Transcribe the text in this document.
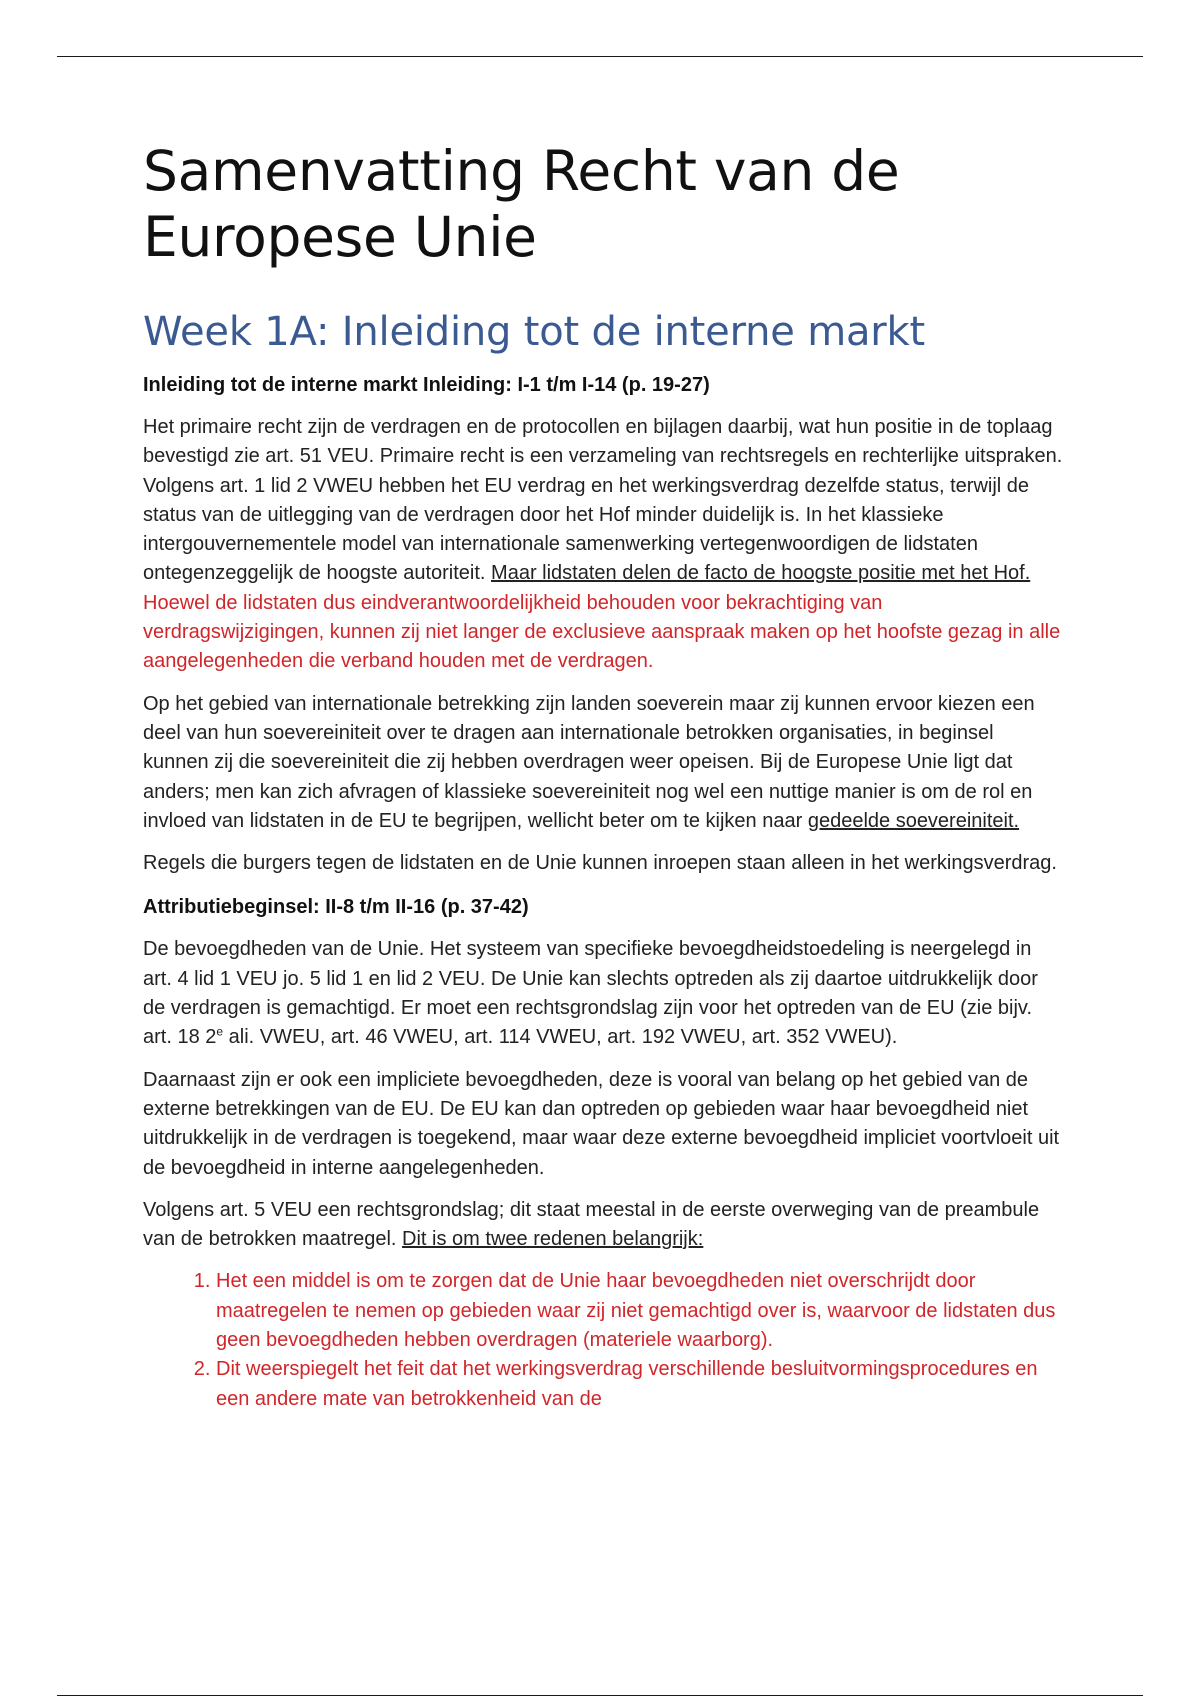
Samenvatting Recht van de Europese Unie
Week 1A: Inleiding tot de interne markt
Inleiding tot de interne markt Inleiding: I-1 t/m I-14 (p. 19-27)

Het primaire recht zijn de verdragen en de protocollen en bijlagen daarbij, wat hun positie in de toplaag bevestigd zie art. 51 VEU. Primaire recht is een verzameling van rechtsregels en rechterlijke uitspraken. Volgens art. 1 lid 2 VWEU hebben het EU verdrag en het werkingsverdrag dezelfde status, terwijl de status van de uitlegging van de verdragen door het Hof minder duidelijk is. In het klassieke intergouvernementele model van internationale samenwerking vertegenwoordigen de lidstaten ontegenzeggelijk de hoogste autoriteit. Maar lidstaten delen de facto de hoogste positie met het Hof. Hoewel de lidstaten dus eindverantwoordelijkheid behouden voor bekrachtiging van verdragswijzigingen, kunnen zij niet langer de exclusieve aanspraak maken op het hoofste gezag in alle aangelegenheden die verband houden met de verdragen.

Op het gebied van internationale betrekking zijn landen soeverein maar zij kunnen ervoor kiezen een deel van hun soevereiniteit over te dragen aan internationale betrokken organisaties, in beginsel kunnen zij die soevereiniteit die zij hebben overdragen weer opeisen. Bij de Europese Unie ligt dat anders; men kan zich afvragen of klassieke soevereiniteit nog wel een nuttige manier is om de rol en invloed van lidstaten in de EU te begrijpen, wellicht beter om te kijken naar gedeelde soevereiniteit.

Regels die burgers tegen de lidstaten en de Unie kunnen inroepen staan alleen in het werkingsverdrag.

Attributiebeginsel: II-8 t/m II-16 (p. 37-42)

De bevoegdheden van de Unie. Het systeem van specifieke bevoegdheidstoedeling is neergelegd in art. 4 lid 1 VEU jo. 5 lid 1 en lid 2 VEU. De Unie kan slechts optreden als zij daartoe uitdrukkelijk door de verdragen is gemachtigd. Er moet een rechtsgrondslag zijn voor het optreden van de EU (zie bijv. art. 18 2e ali. VWEU, art. 46 VWEU, art. 114 VWEU, art. 192 VWEU, art. 352 VWEU).

Daarnaast zijn er ook een impliciete bevoegdheden, deze is vooral van belang op het gebied van de externe betrekkingen van de EU. De EU kan dan optreden op gebieden waar haar bevoegdheid niet uitdrukkelijk in de verdragen is toegekend, maar waar deze externe bevoegdheid impliciet voortvloeit uit de bevoegdheid in interne aangelegenheden.

Volgens art. 5 VEU een rechtsgrondslag; dit staat meestal in de eerste overweging van de preambule van de betrokken maatregel. Dit is om twee redenen belangrijk:

1. Het een middel is om te zorgen dat de Unie haar bevoegdheden niet overschrijdt door maatregelen te nemen op gebieden waar zij niet gemachtigd over is, waarvoor de lidstaten dus geen bevoegdheden hebben overdragen (materiele waarborg).
2. Dit weerspiegelt het feit dat het werkingsverdrag verschillende besluitvormingsprocedures en een andere mate van betrokkenheid van de
